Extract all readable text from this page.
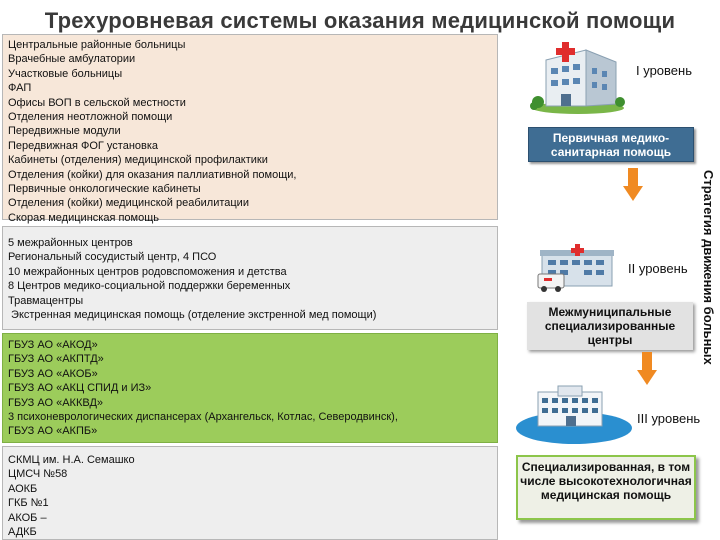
Трехуровневая системы оказания медицинской помощи
Центральные районные больницы
Врачебные амбулатории
Участковые больницы
ФАП
Офисы ВОП в сельской местности
Отделения неотложной помощи
Передвижные модули
Передвижная ФОГ установка
Кабинеты (отделения) медицинской профилактики
Отделения (койки) для оказания паллиативной помощи,
Первичные онкологические кабинеты
Отделения (койки) медицинской реабилитации
Скорая медицинская помощь
5 межрайонных центров
Региональный сосудистый центр, 4 ПСО
10 межрайонных центров родовспоможения и детства
8 Центров медико-социальной поддержки беременных
Травмацентры
Экстренная медицинская помощь (отделение экстренной мед помощи)
ГБУЗ АО «АКОД»
ГБУЗ АО «АКПТД»
ГБУЗ АО «АКОБ»
ГБУЗ АО «АКЦ СПИД и ИЗ»
ГБУЗ АО «АККВД»
3 психоневрологических диспансерах (Архангельск, Котлас, Северодвинск),
ГБУЗ АО «АКПБ»
СКМЦ им. Н.А. Семашко
ЦМСЧ №58
АОКБ
ГКБ №1
АКОБ –
АДКБ
I уровень
Первичная медико-санитарная помощь
II уровень
Межмуниципальные специализированные центры
III уровень
Специализированная, в том числе высокотехнологичная медицинская помощь
Стратегия движения больных
